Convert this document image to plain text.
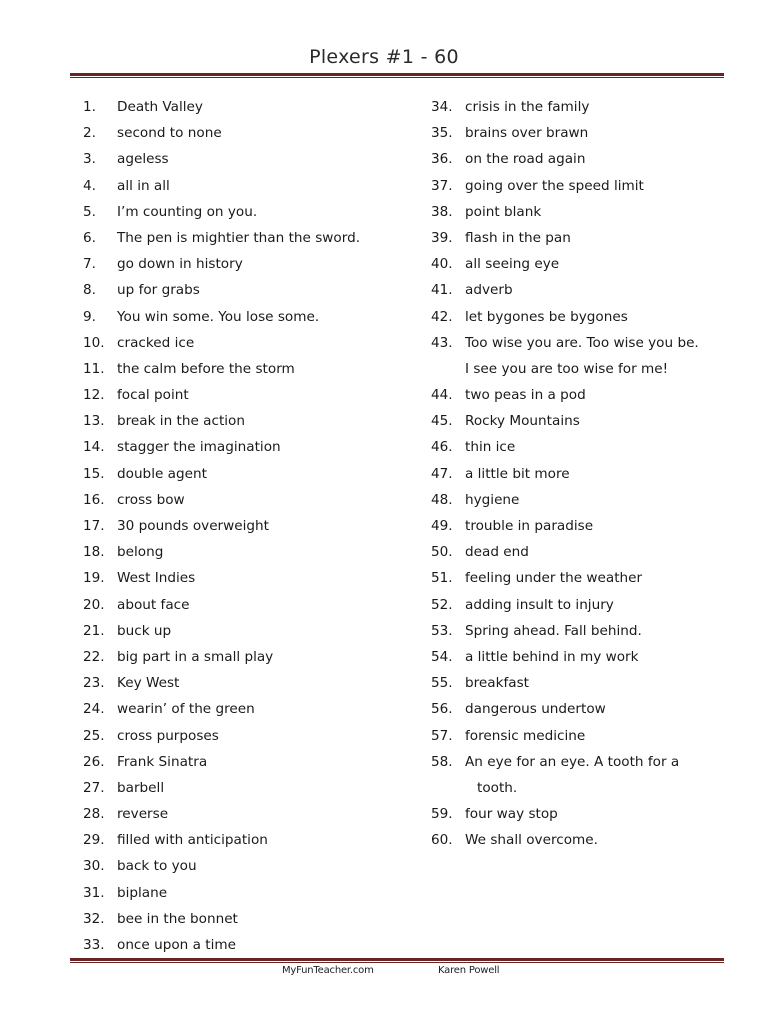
Plexers #1 - 60
1.	Death Valley
2.	second to none
3.	ageless
4.	all in all
5.	I’m counting on you.
6.	The pen is mightier than the sword.
7.	go down in history
8.	up for grabs
9.	You win some. You lose some.
10. cracked ice
11. the calm before the storm
12. focal point
13. break in the action
14. stagger the imagination
15. double agent
16. cross bow
17. 30 pounds overweight
18. belong
19. West Indies
20. about face
21. buck up
22. big part in a small play
23. Key West
24. wearin’ of the green
25. cross purposes
26. Frank Sinatra
27. barbell
28. reverse
29. filled with anticipation
30. back to you
31. biplane
32. bee in the bonnet
33. once upon a time
34. crisis in the family
35. brains over brawn
36. on the road again
37. going over the speed limit
38. point blank
39. flash in the pan
40. all seeing eye
41. adverb
42. let bygones be bygones
43. Too wise you are. Too wise you be.
I see you are too wise for me!
44. two peas in a pod
45. Rocky Mountains
46. thin ice
47. a little bit more
48. hygiene
49. trouble in paradise
50. dead end
51. feeling under the weather
52. adding insult to injury
53. Spring ahead. Fall behind.
54. a little behind in my work
55. breakfast
56. dangerous undertow
57. forensic medicine
58. An eye for an eye. A tooth for a
tooth.
59. four way stop
60. We shall overcome.
MyFunTeacher.com	Karen Powell
